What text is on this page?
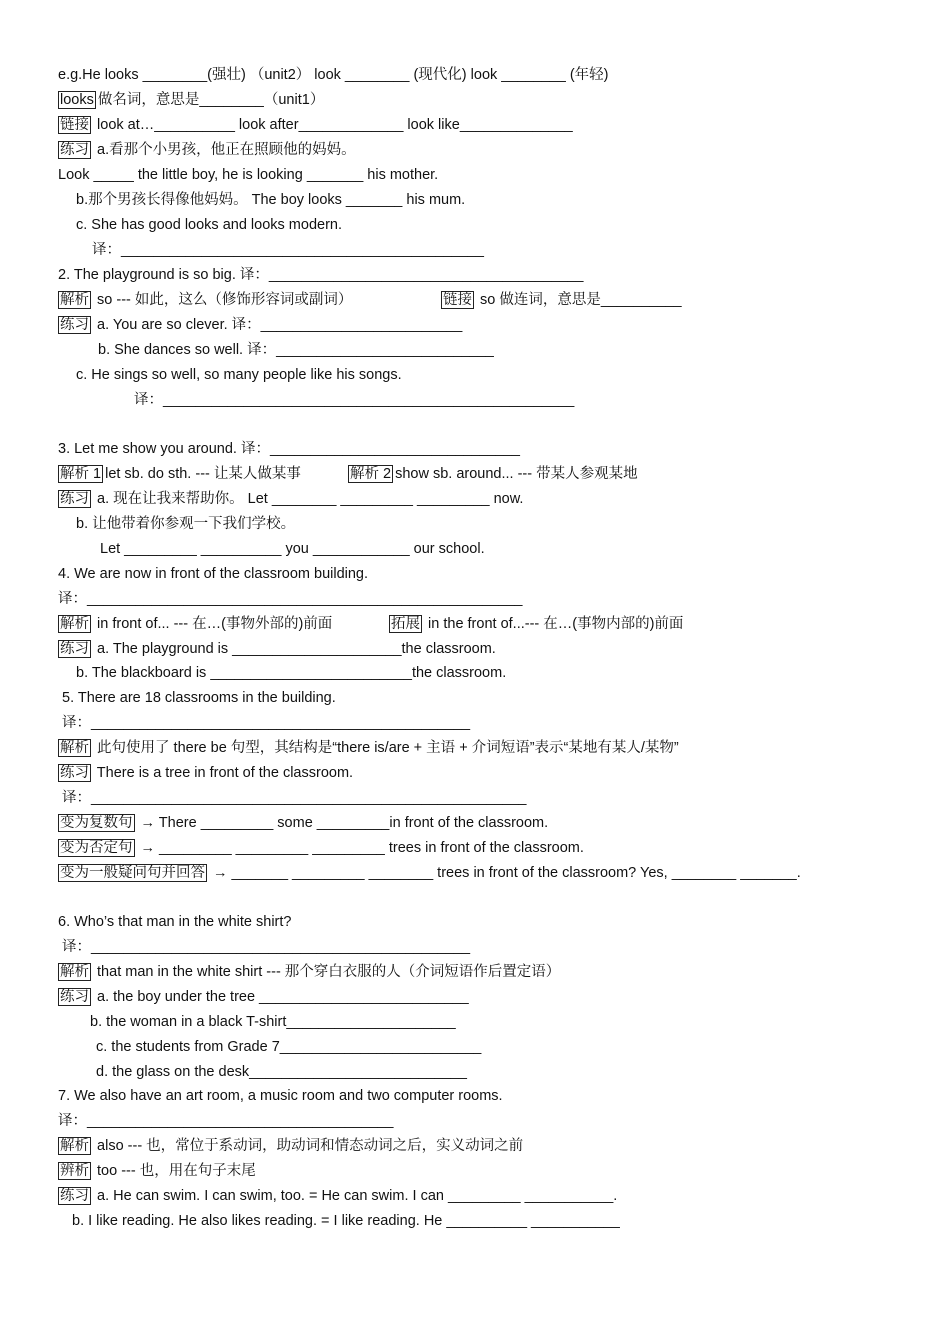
e.g.He looks ________(强壮) （unit2） look ________ (现代化) look ________ (年轻)
looks 做名词，意思是________（unit1）
链接 look at…__________ look after_____________ look like______________
练习 a.看那个小男孩，他正在照顾他的妈妈。
Look _____ the little boy, he is looking _______ his mother.
b.那个男孩长得像他妈妈。 The boy looks _______ his mum.
c. She has good looks and looks modern.
译：_____________________________________________
2. The playground is so big. 译：_______________________________________
解析 so --- 如此，这么（修饰形容词或副词）	链接 so 做连词，意思是__________
练习 a. You are so clever. 译：_________________________
b. She dances so well. 译：___________________________
c. He sings so well, so many people like his songs.
译：___________________________________________________
3. Let me show you around. 译：_______________________________
解析 1 let sb. do sth. --- 让某人做某事	解析 2 show sb. around... --- 带某人参观某地
练习 a. 现在让我来帮助你。 Let ________ _________ _________ now.
b. 让他带着你参观一下我们学校。
Let _________ __________ you ____________ our school.
4. We are now in front of the classroom building.
译：______________________________________________________
解析 in front of... --- 在…(事物外部的)前面	拓展 in the front of...--- 在…(事物内部的)前面
练习 a. The playground is _____________________the classroom.
b. The blackboard is _________________________the classroom.
5. There are 18 classrooms in the building.
译：_______________________________________________
解析 此句使用了 there be 句型，其结构是“there is/are + 主语 + 介词短语”表示“某地有某人/某物”
练习 There is a tree in front of the classroom.
译：______________________________________________________
变为复数句 → There _________ some _________in front of the classroom.
变为否定句 → _________ _________ _________ trees in front of the classroom.
变为一般疑问句并回答 → _______ _________ ________ trees in front of the classroom? Yes, ________ _______.
6. Who’s that man in the white shirt?
译：_______________________________________________
解析 that man in the white shirt --- 那个穿白衣服的人（介词短语作后置定语）
练习 a. the boy under the tree __________________________
b. the woman in a black T-shirt_____________________
c. the students from Grade 7_________________________
d. the glass on the desk___________________________
7. We also have an art room, a music room and two computer rooms.
译：______________________________________
解析 also --- 也，常位于系动词，助动词和情态动词之后，实义动词之前
辨析 too --- 也，用在句子末尾
练习 a. He can swim. I can swim, too. = He can swim. I can _________ ___________.
b. I like reading. He also likes reading. = I like reading. He __________ ___________
